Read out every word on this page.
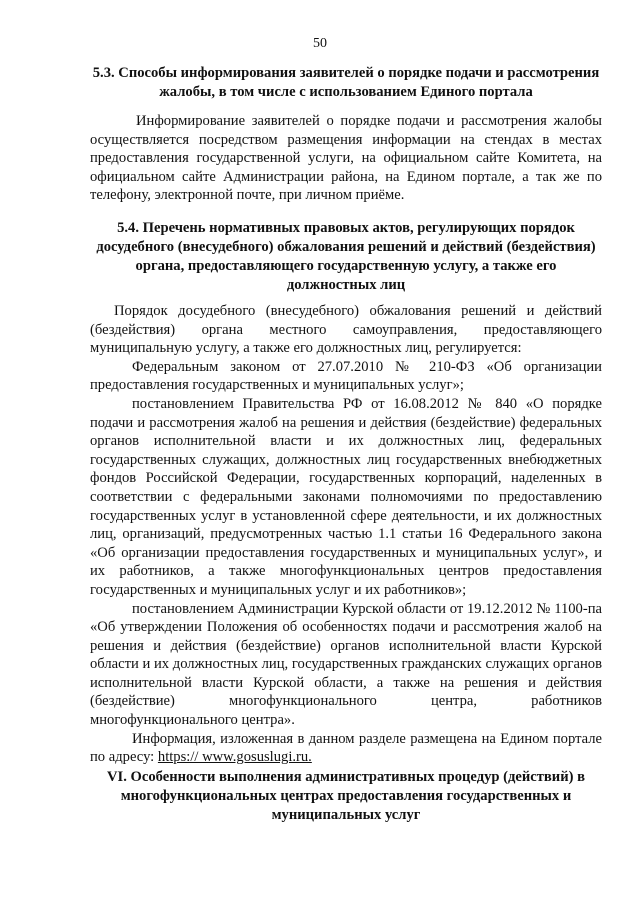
50
5.3. Способы информирования заявителей о порядке подачи и рассмотрения жалобы, в том числе с использованием Единого портала

Информирование заявителей о порядке подачи и рассмотрения жалобы осуществляется посредством размещения информации на стендах в местах предоставления государственной услуги, на официальном сайте Комитета, на официальном сайте Администрации района, на Едином портале, а так же по телефону, электронной почте, при личном приёме.

5.4. Перечень нормативных правовых актов, регулирующих порядок досудебного (внесудебного) обжалования решений и действий (бездействия) органа, предоставляющего государственную услугу, а также его должностных лиц

Порядок досудебного (внесудебного) обжалования решений и действий (бездействия) органа местного самоуправления, предоставляющего муниципальную услугу, а также его должностных лиц, регулируется:

Федеральным законом от 27.07.2010 № 210-ФЗ «Об организации предоставления государственных и муниципальных услуг»;

постановлением Правительства РФ от 16.08.2012 № 840 «О порядке подачи и рассмотрения жалоб на решения и действия (бездействие) федеральных органов исполнительной власти и их должностных лиц, федеральных государственных служащих, должностных лиц государственных внебюджетных фондов Российской Федерации, государственных корпораций, наделенных в соответствии с федеральными законами полномочиями по предоставлению государственных услуг в установленной сфере деятельности, и их должностных лиц, организаций, предусмотренных частью 1.1 статьи 16 Федерального закона «Об организации предоставления государственных и муниципальных услуг», и их работников, а также многофункциональных центров предоставления государственных и муниципальных услуг и их работников»;

постановлением Администрации Курской области от 19.12.2012 № 1100-па «Об утверждении Положения об особенностях подачи и рассмотрения жалоб на решения и действия (бездействие) органов исполнительной власти Курской области и их должностных лиц, государственных гражданских служащих органов исполнительной власти Курской области, а также на решения и действия (бездействие) многофункционального центра, работников многофункционального центра».

Информация, изложенная в данном разделе размещена на Едином портале по адресу: https:// www.gosuslugi.ru.

VI. Особенности выполнения административных процедур (действий) в многофункциональных центрах предоставления государственных и муниципальных услуг
